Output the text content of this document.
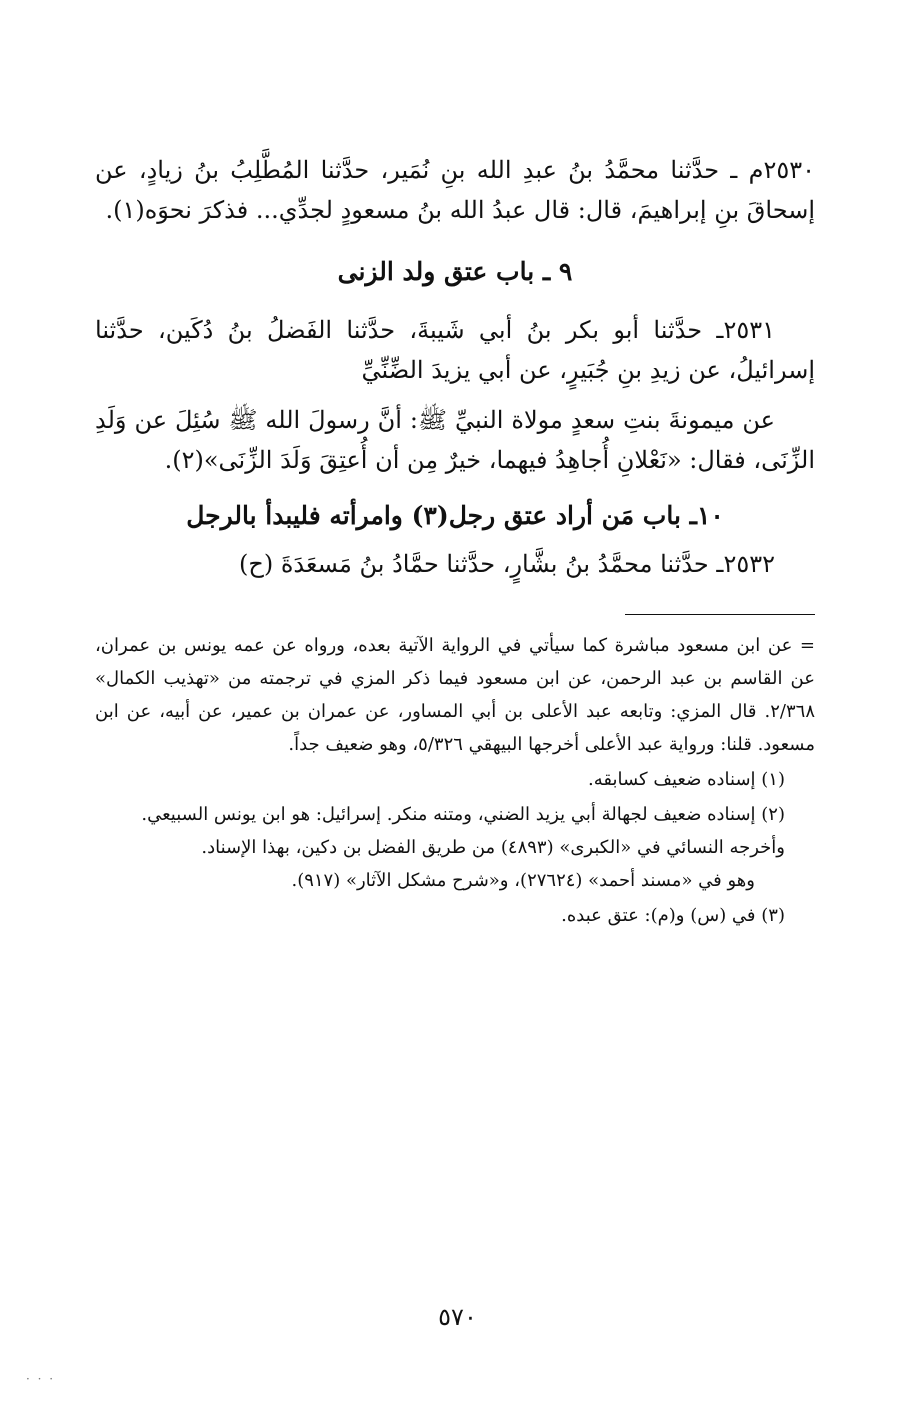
٢٥٣٠م ـ حدَّثنا محمَّدُ بنُ عبدِ الله بنِ نُمَير، حدَّثنا المُطَّلِبُ بنُ زيادٍ، عن إسحاقَ بنِ إبراهيمَ، قال: قال عبدُ الله بنُ مسعودٍ لجدِّي... فذكرَ نحوَه(١).

٩ ـ باب عتق ولد الزنى

٢٥٣١ـ حدَّثنا أبو بكر بنُ أبي شَيبةَ، حدَّثنا الفَضلُ بنُ دُكَين، حدَّثنا إسرائيلُ، عن زيدِ بنِ جُبَيرٍ، عن أبي يزيدَ الضِّنِّيِّ

عن ميمونةَ بنتِ سعدٍ مولاة النبيِّ ﷺ: أنَّ رسولَ الله ﷺ سُئِلَ عن وَلَدِ الزِّنَى، فقال: «نَعْلانِ أُجاهِدُ فيهما، خيرٌ مِن أن أُعتِقَ وَلَدَ الزِّنَى»(٢).

١٠ـ باب مَن أراد عتق رجل(٣) وامرأته فليبدأ بالرجل

٢٥٣٢ـ حدَّثنا محمَّدُ بنُ بشَّارٍ، حدَّثنا حمَّادُ بنُ مَسعَدَةَ (ح)

= عن ابن مسعود مباشرة كما سيأتي في الرواية الآتية بعده، ورواه عن عمه يونس بن عمران، عن القاسم بن عبد الرحمن، عن ابن مسعود فيما ذكر المزي في ترجمته من «تهذيب الكمال» ٢/٣٦٨. قال المزي: وتابعه عبد الأعلى بن أبي المساور، عن عمران بن عمير، عن أبيه، عن ابن مسعود. قلنا: ورواية عبد الأعلى أخرجها البيهقي ٥/٣٢٦، وهو ضعيف جداً.

(١) إسناده ضعيف كسابقه.

(٢) إسناده ضعيف لجهالة أبي يزيد الضني، ومتنه منكر. إسرائيل: هو ابن يونس السبيعي.

وأخرجه النسائي في «الكبرى» (٤٨٩٣) من طريق الفضل بن دكين، بهذا الإسناد.

وهو في «مسند أحمد» (٢٧٦٢٤)، و«شرح مشكل الآثار» (٩١٧).

(٣) في (س) و(م): عتق عبده.

٥٧٠
· · ·
